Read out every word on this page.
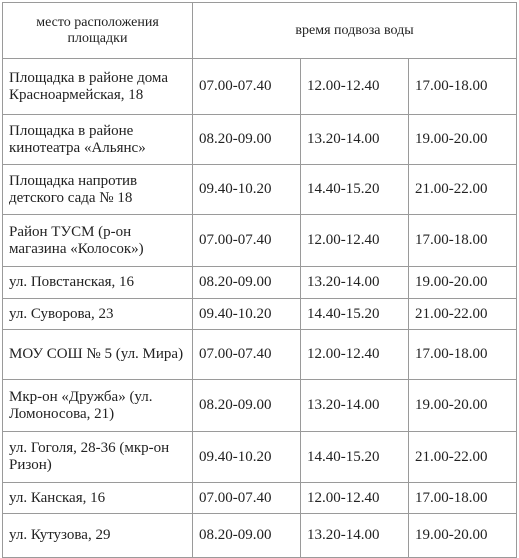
место расположения площадки	время подвоза воды		
Площадка в районе дома Красноармейская, 18	07.00-07.40	12.00-12.40	17.00-18.00
Площадка в районе кинотеатра «Альянс»	08.20-09.00	13.20-14.00	19.00-20.00
Площадка напротив детского сада № 18	09.40-10.20	14.40-15.20	21.00-22.00
Район ТУСМ (р-он магазина «Колосок»)	07.00-07.40	12.00-12.40	17.00-18.00
ул. Повстанская, 16	08.20-09.00	13.20-14.00	19.00-20.00
ул. Суворова, 23	09.40-10.20	14.40-15.20	21.00-22.00
МОУ СОШ № 5 (ул. Мира)	07.00-07.40	12.00-12.40	17.00-18.00
Мкр-он «Дружба» (ул. Ломоносова, 21)	08.20-09.00	13.20-14.00	19.00-20.00
ул. Гоголя, 28-36 (мкр-он Ризон)	09.40-10.20	14.40-15.20	21.00-22.00
ул. Канская, 16	07.00-07.40	12.00-12.40	17.00-18.00
ул. Кутузова, 29	08.20-09.00	13.20-14.00	19.00-20.00
